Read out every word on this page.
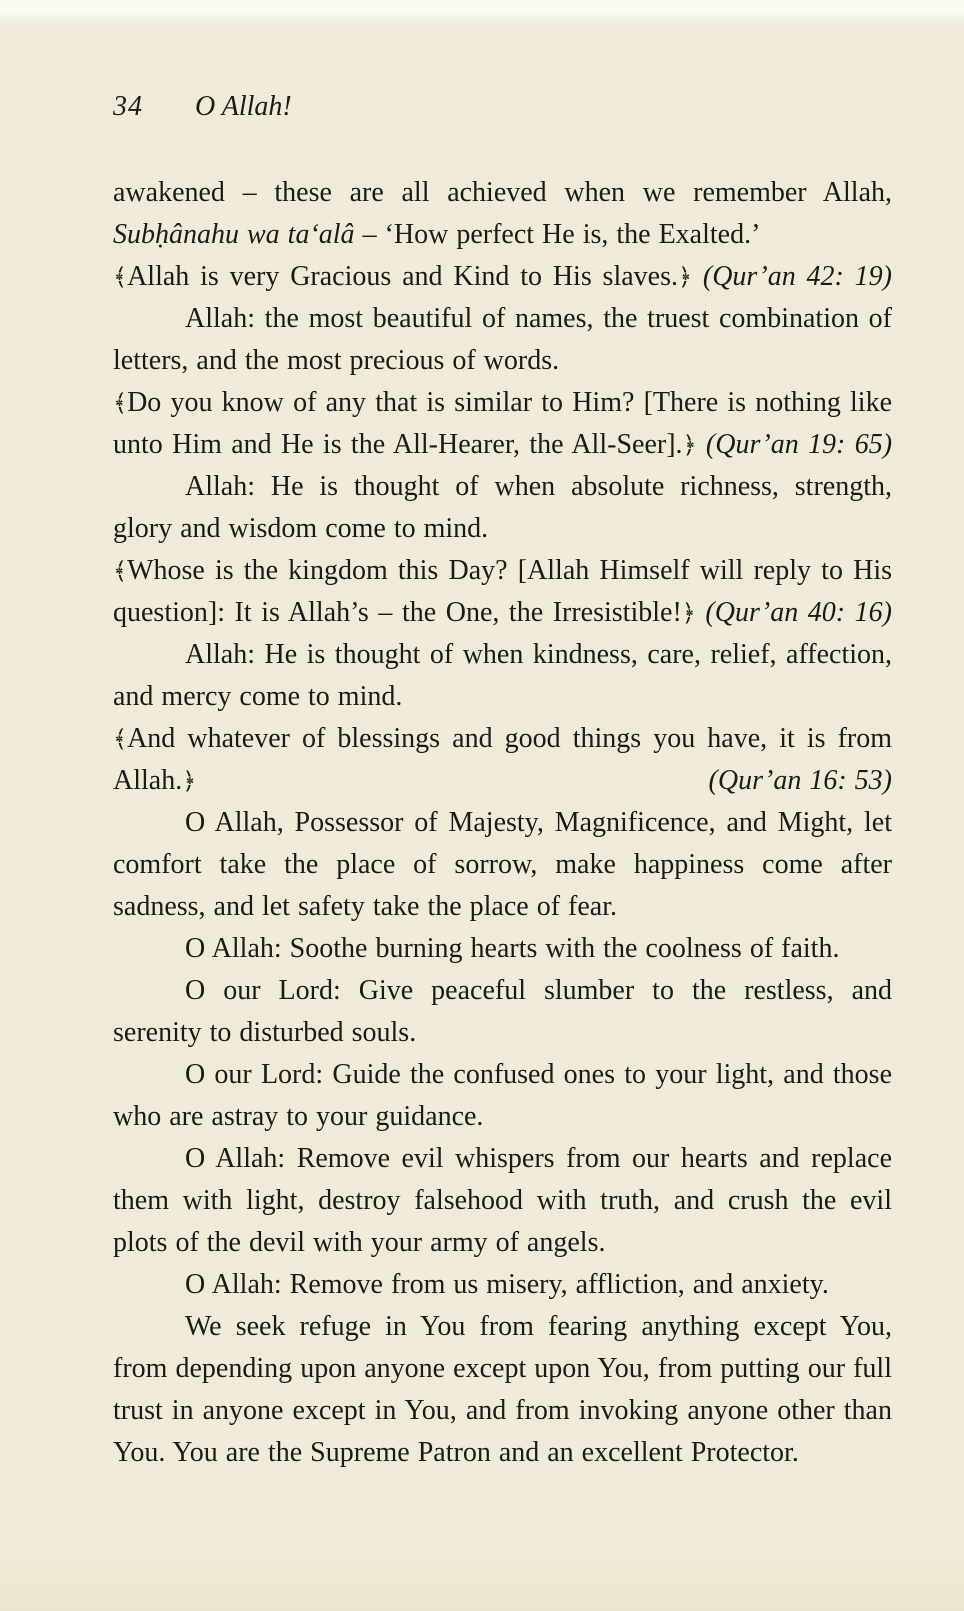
34 O Allah!

awakened – these are all achieved when we remember Allah, Subḥânahu wa ta‘alâ – ‘How perfect He is, the Exalted.’

﴾Allah is very Gracious and Kind to His slaves.﴿ (Qur’an 42: 19)

Allah: the most beautiful of names, the truest combination of letters, and the most precious of words.

﴾Do you know of any that is similar to Him? [There is nothing like unto Him and He is the All-Hearer, the All-Seer].﴿ (Qur’an 19: 65)

Allah: He is thought of when absolute richness, strength, glory and wisdom come to mind.

﴾Whose is the kingdom this Day? [Allah Himself will reply to His question]: It is Allah’s – the One, the Irresistible!﴿ (Qur’an 40: 16)

Allah: He is thought of when kindness, care, relief, affection, and mercy come to mind.

﴾And whatever of blessings and good things you have, it is from Allah.﴿	(Qur’an 16: 53)

O Allah, Possessor of Majesty, Magnificence, and Might, let comfort take the place of sorrow, make happiness come after sadness, and let safety take the place of fear.

O Allah: Soothe burning hearts with the coolness of faith.

O our Lord: Give peaceful slumber to the restless, and serenity to disturbed souls.

O our Lord: Guide the confused ones to your light, and those who are astray to your guidance.

O Allah: Remove evil whispers from our hearts and replace them with light, destroy falsehood with truth, and crush the evil plots of the devil with your army of angels.

O Allah: Remove from us misery, affliction, and anxiety.

We seek refuge in You from fearing anything except You, from depending upon anyone except upon You, from putting our full trust in anyone except in You, and from invoking anyone other than You. You are the Supreme Patron and an excellent Protector.
